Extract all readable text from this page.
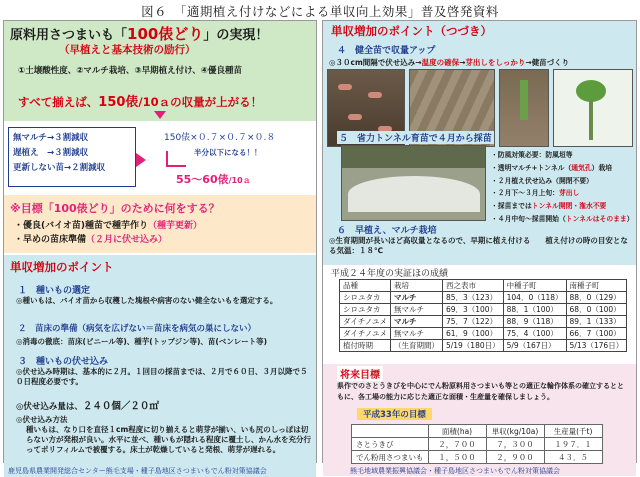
図６　「適期植え付けなどによる単収向上効果」普及啓発資料
原料用さつまいも「100俵どり」の実現！
（早植えと基本技術の励行）
①土壌酸性度、②マルチ栽培、③早期植え付け、④優良種苗
すべて揃えば、150俵/10ａの収量が上がる！
無マルチ→３割減収
遅植え　→３割減収
更新しない苗→２割減収
150俵×０.７×０.７×０.８
半分以下になる！！
55～60俵/10ａ
※目標「100俵どり」のために何をする？
・優良(バイオ苗)種苗で種芋作り（種芋更新）
・早めの苗床準備（２月に伏せ込み）
単収増加のポイント
１　 種いもの選定
◎種いもは、バイオ苗から収穫した塊根や病害のない健全ないもを選定する。
２　 苗床の準備（病気を広げない＝苗床を病気の巣にしない）
◎消毒の徹底：苗床(ビニール等)、種芋(トップジン等)、苗(ベンレート等)
３　 種いもの伏せ込み
◎伏せ込み時期は、基本的に２月。１回目の採苗までは、２月で６０日、３月以降で５０日程度必要です。
◎伏せ込み量は、２４０個／２０㎡
◎伏せ込み方法
種いもは、なり口を直径１cm程度に切り揃えると萌芽が揃い、いも尻のしっぽは切らない方が発根が良い。水平に並べ、種いもが隠れる程度に覆土し、かん水を充分行ってポリフィルムで被覆する。床土が乾燥していると発根、萌芽が遅れる。
鹿児島県農業開発総合センター熊毛支場・種子島地区さつまいもでん粉対策協議会
単収増加のポイント（つづき）
４　 健全苗で収量アップ
◎３０cm間隔で伏せ込み→温度の確保→芽出しをしっかり→健苗づくり
５　 省力トンネル育苗で４月から採苗
・防風対策必要：防風垣等
・透明マルチ+トンネル（通気孔）栽培
・２月植え伏せ込み（開閉不要）
・２月下～３月上旬：芽出し
・採苗まではトンネル開閉・潅水不要
・４月中旬～採苗開始（トンネルはそのまま）
６　 早植え、マルチ栽培
◎生育期間が長いほど高収量となるので、早期に植え付ける　　植え付けの時の目安となる気温：１８℃
平成２４年度の実証ほの成績
品種	栽培	西之表市	中種子町	南種子町
シロユタカ	マルチ	85．3（123）	104．0（118）	88．0（129）
シロユタカ	無マルチ	69．3（100）	88．1（100）	68．0（100）
ダイチノユメ	マルチ	75．7（122）	88．9（118）	89．1（133）
ダイチノユメ	無マルチ	61．9（100）	75．4（100）	66．7（100）
植付時期	（生育期間）	5/19（180日）	5/9（167日）	5/13（176日）
将来目標
県作でのさとうきびを中心にでん粉原料用さつまいも等との適正な輪作体系の確立するとともに、各工場の能力に応じた適正な面積・生産量を確保しましょう。
平成33年の目標
	面積(ha)	単収(kg/10a)	生産量(千t)
さとうきび	２，７００	７，３００	１９７．１
でん粉用さつまいも	１，５００	２，９００	４３．５
熊毛地域農業振興協議会・種子島地区さつまいもでん粉対策協議会
